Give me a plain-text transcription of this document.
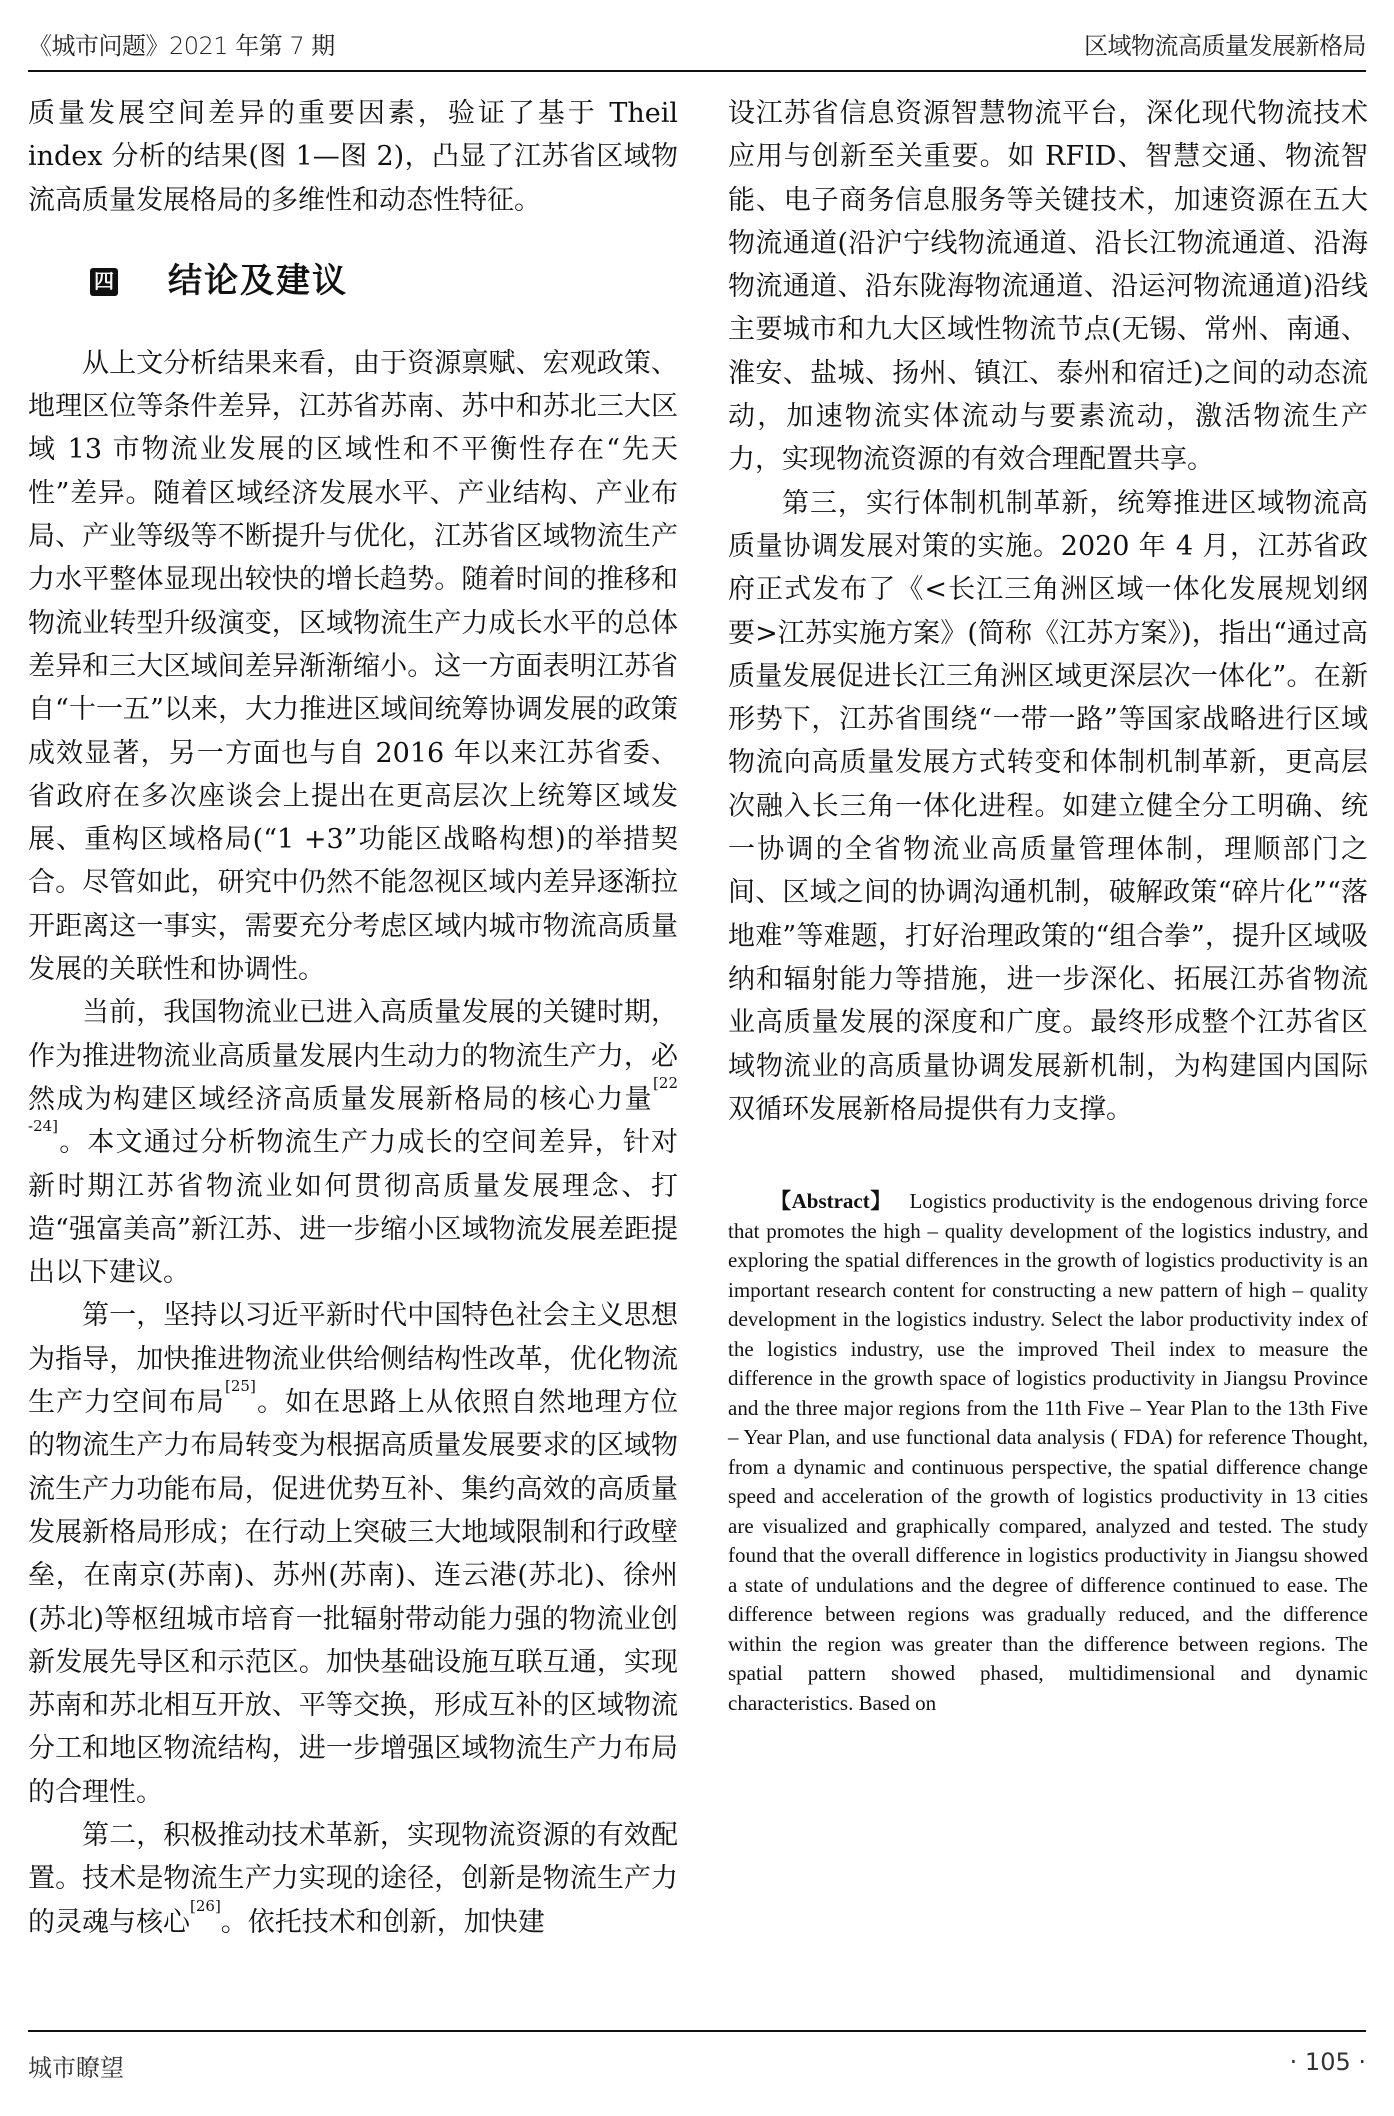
《城市问题》2021 年第 7 期	区域物流高质量发展新格局

质量发展空间差异的重要因素，验证了基于 Theil index 分析的结果(图 1—图 2)，凸显了江苏省区域物流高质量发展格局的多维性和动态性特征。

四 结论及建议

从上文分析结果来看，由于资源禀赋、宏观政策、地理区位等条件差异，江苏省苏南、苏中和苏北三大区域 13 市物流业发展的区域性和不平衡性存在“先天性”差异。随着区域经济发展水平、产业结构、产业布局、产业等级等不断提升与优化，江苏省区域物流生产力水平整体显现出较快的增长趋势。随着时间的推移和物流业转型升级演变，区域物流生产力成长水平的总体差异和三大区域间差异渐渐缩小。这一方面表明江苏省自“十一五”以来，大力推进区域间统筹协调发展的政策成效显著，另一方面也与自 2016 年以来江苏省委、省政府在多次座谈会上提出在更高层次上统筹区域发展、重构区域格局(“1 +3”功能区战略构想)的举措契合。尽管如此，研究中仍然不能忽视区域内差异逐渐拉开距离这一事实，需要充分考虑区域内城市物流高质量发展的关联性和协调性。

当前，我国物流业已进入高质量发展的关键时期，作为推进物流业高质量发展内生动力的物流生产力，必然成为构建区域经济高质量发展新格局的核心力量[22 -24]。本文通过分析物流生产力成长的空间差异，针对新时期江苏省物流业如何贯彻高质量发展理念、打造“强富美高”新江苏、进一步缩小区域物流发展差距提出以下建议。

第一，坚持以习近平新时代中国特色社会主义思想为指导，加快推进物流业供给侧结构性改革，优化物流生产力空间布局[25]。如在思路上从依照自然地理方位的物流生产力布局转变为根据高质量发展要求的区域物流生产力功能布局，促进优势互补、集约高效的高质量发展新格局形成；在行动上突破三大地域限制和行政壁垒，在南京(苏南)、苏州(苏南)、连云港(苏北)、徐州(苏北)等枢纽城市培育一批辐射带动能力强的物流业创新发展先导区和示范区。加快基础设施互联互通，实现苏南和苏北相互开放、平等交换，形成互补的区域物流分工和地区物流结构，进一步增强区域物流生产力布局的合理性。

第二，积极推动技术革新，实现物流资源的有效配置。技术是物流生产力实现的途径，创新是物流生产力的灵魂与核心[26]。依托技术和创新，加快建

设江苏省信息资源智慧物流平台，深化现代物流技术应用与创新至关重要。如 RFID、智慧交通、物流智能、电子商务信息服务等关键技术，加速资源在五大物流通道(沿沪宁线物流通道、沿长江物流通道、沿海物流通道、沿东陇海物流通道、沿运河物流通道)沿线主要城市和九大区域性物流节点(无锡、常州、南通、淮安、盐城、扬州、镇江、泰州和宿迁)之间的动态流动，加速物流实体流动与要素流动，激活物流生产力，实现物流资源的有效合理配置共享。

第三，实行体制机制革新，统筹推进区域物流高质量协调发展对策的实施。2020 年 4 月，江苏省政府正式发布了《<长江三角洲区域一体化发展规划纲要>江苏实施方案》(简称《江苏方案》)，指出“通过高质量发展促进长江三角洲区域更深层次一体化”。在新形势下，江苏省围绕“一带一路”等国家战略进行区域物流向高质量发展方式转变和体制机制革新，更高层次融入长三角一体化进程。如建立健全分工明确、统一协调的全省物流业高质量管理体制，理顺部门之间、区域之间的协调沟通机制，破解政策“碎片化”“落地难”等难题，打好治理政策的“组合拳”，提升区域吸纳和辐射能力等措施，进一步深化、拓展江苏省物流业高质量发展的深度和广度。最终形成整个江苏省区域物流业的高质量协调发展新机制，为构建国内国际双循环发展新格局提供有力支撑。

【Abstract】 Logistics productivity is the endogenous driving force that promotes the high – quality development of the logistics industry, and exploring the spatial differences in the growth of logistics productivity is an important research content for constructing a new pattern of high – quality development in the logistics industry. Select the labor productivity index of the logistics industry, use the improved Theil index to measure the difference in the growth space of logistics productivity in Jiangsu Province and the three major regions from the 11th Five – Year Plan to the 13th Five – Year Plan, and use functional data analysis ( FDA) for reference Thought, from a dynamic and continuous perspective, the spatial difference change speed and acceleration of the growth of logistics productivity in 13 cities are visualized and graphically compared, analyzed and tested. The study found that the overall difference in logistics productivity in Jiangsu showed a state of undulations and the degree of difference continued to ease. The difference between regions was gradually reduced, and the difference within the region was greater than the difference between regions. The spatial pattern showed phased, multidimensional and dynamic characteristics. Based on

城市瞭望	· 105 ·
